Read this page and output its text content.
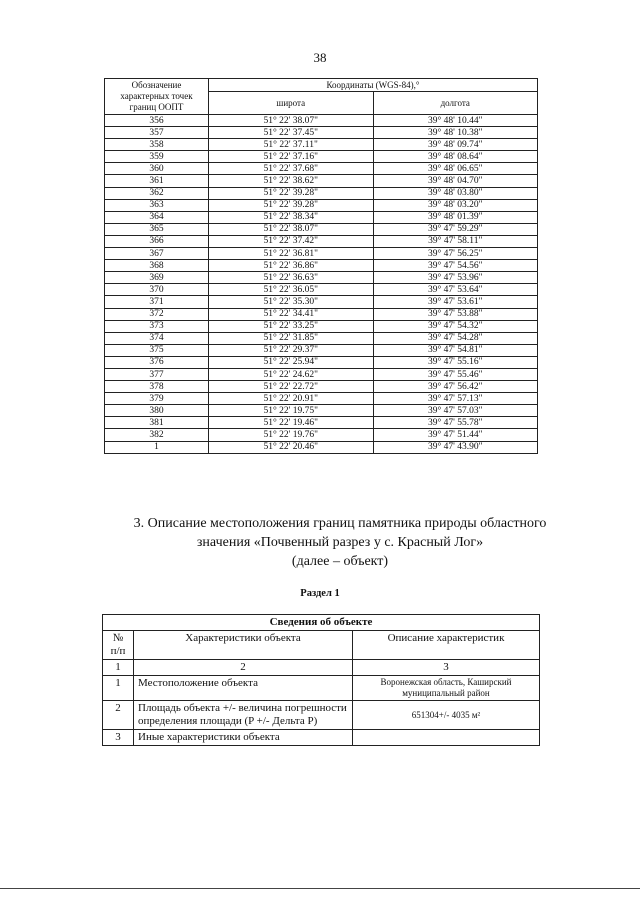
38
Обозначение характерных точек границ ООПТ	Координаты (WGS-84),°	
	широта	долгота
356	51° 22' 38.07"	39° 48' 10.44"
357	51° 22' 37.45"	39° 48' 10.38"
358	51° 22' 37.11"	39° 48' 09.74"
359	51° 22' 37.16"	39° 48' 08.64"
360	51° 22' 37.68"	39° 48' 06.65"
361	51° 22' 38.62"	39° 48' 04.70"
362	51° 22' 39.28"	39° 48' 03.80"
363	51° 22' 39.28"	39° 48' 03.20"
364	51° 22' 38.34"	39° 48' 01.39"
365	51° 22' 38.07"	39° 47' 59.29"
366	51° 22' 37.42"	39° 47' 58.11"
367	51° 22' 36.81"	39° 47' 56.25"
368	51° 22' 36.86"	39° 47' 54.56"
369	51° 22' 36.63"	39° 47' 53.96"
370	51° 22' 36.05"	39° 47' 53.64"
371	51° 22' 35.30"	39° 47' 53.61"
372	51° 22' 34.41"	39° 47' 53.88"
373	51° 22' 33.25"	39° 47' 54.32"
374	51° 22' 31.85"	39° 47' 54.28"
375	51° 22' 29.37"	39° 47' 54.81"
376	51° 22' 25.94"	39° 47' 55.16"
377	51° 22' 24.62"	39° 47' 55.46"
378	51° 22' 22.72"	39° 47' 56.42"
379	51° 22' 20.91"	39° 47' 57.13"
380	51° 22' 19.75"	39° 47' 57.03"
381	51° 22' 19.46"	39° 47' 55.78"
382	51° 22' 19.76"	39° 47' 51.44"
1	51° 22' 20.46"	39° 47' 43.90"
3. Описание местоположения границ памятника природы областного
значения «Почвенный разрез у с. Красный Лог»
(далее – объект)
Раздел 1
Сведения об объекте		
№ п/п	Характеристики объекта	Описание характеристик
1	2	3
1	Местоположение объекта	Воронежская область, Каширский муниципальный район
2	Площадь объекта +/- величина погрешности определения площади (P +/- Дельта P)	651304+/- 4035 м²
3	Иные характеристики объекта	
